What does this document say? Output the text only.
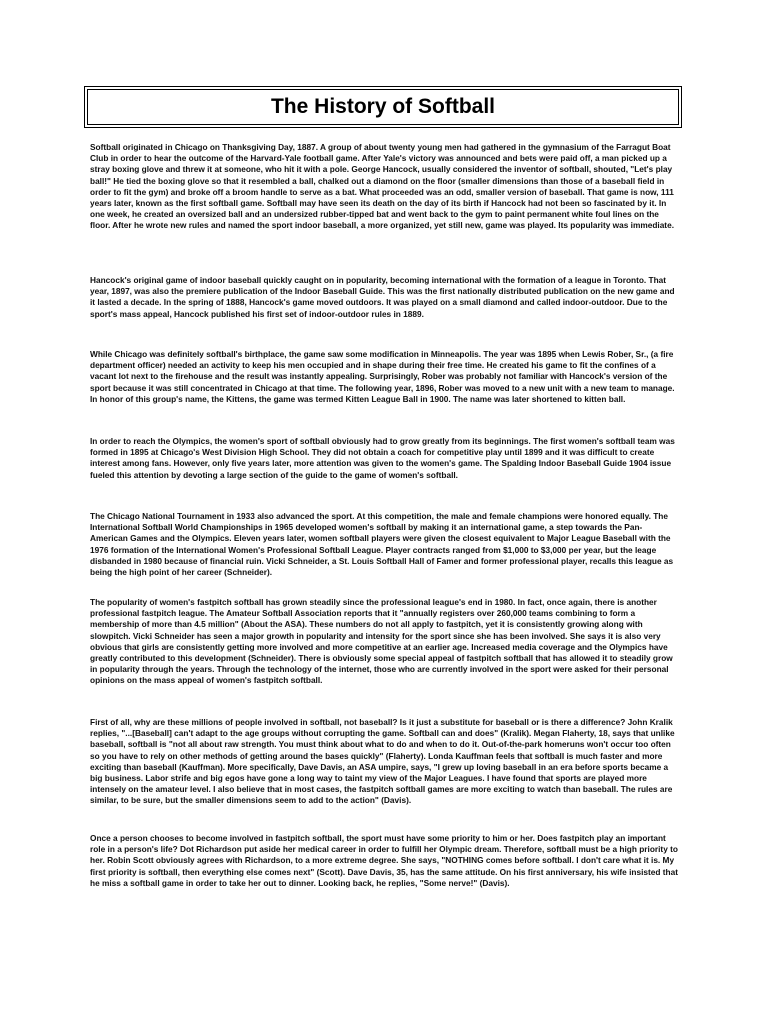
The History of Softball

Softball originated in Chicago on Thanksgiving Day, 1887. A group of about twenty young men had gathered in the gymnasium of the Farragut Boat Club in order to hear the outcome of the Harvard-Yale football game. After Yale's victory was announced and bets were paid off, a man picked up a stray boxing glove and threw it at someone, who hit it with a pole. George Hancock, usually considered the inventor of softball, shouted, "Let's play ball!" He tied the boxing glove so that it resembled a ball, chalked out a diamond on the floor (smaller dimensions than those of a baseball field in order to fit the gym) and broke off a broom handle to serve as a bat. What proceeded was an odd, smaller version of baseball. That game is now, 111 years later, known as the first softball game. Softball may have seen its death on the day of its birth if Hancock had not been so fascinated by it. In one week, he created an oversized ball and an undersized rubber-tipped bat and went back to the gym to paint permanent white foul lines on the floor. After he wrote new rules and named the sport indoor baseball, a more organized, yet still new, game was played. Its popularity was immediate.

Hancock's original game of indoor baseball quickly caught on in popularity, becoming international with the formation of a league in Toronto. That year, 1897, was also the premiere publication of the Indoor Baseball Guide. This was the first nationally distributed publication on the new game and it lasted a decade. In the spring of 1888, Hancock's game moved outdoors. It was played on a small diamond and called indoor-outdoor. Due to the sport's mass appeal, Hancock published his first set of indoor-outdoor rules in 1889.

While Chicago was definitely softball's birthplace, the game saw some modification in Minneapolis. The year was 1895 when Lewis Rober, Sr., (a fire department officer) needed an activity to keep his men occupied and in shape during their free time. He created his game to fit the confines of a vacant lot next to the firehouse and the result was instantly appealing. Surprisingly, Rober was probably not familiar with Hancock's version of the sport because it was still concentrated in Chicago at that time. The following year, 1896, Rober was moved to a new unit with a new team to manage. In honor of this group's name, the Kittens, the game was termed Kitten League Ball in 1900. The name was later shortened to kitten ball.

In order to reach the Olympics, the women's sport of softball obviously had to grow greatly from its beginnings. The first women's softball team was formed in 1895 at Chicago's West Division High School. They did not obtain a coach for competitive play until 1899 and it was difficult to create interest among fans. However, only five years later, more attention was given to the women's game. The Spalding Indoor Baseball Guide 1904 issue fueled this attention by devoting a large section of the guide to the game of women's softball.

The Chicago National Tournament in 1933 also advanced the sport. At this competition, the male and female champions were honored equally. The International Softball World Championships in 1965 developed women's softball by making it an international game, a step towards the Pan-American Games and the Olympics. Eleven years later, women softball players were given the closest equivalent to Major League Baseball with the 1976 formation of the International Women's Professional Softball League. Player contracts ranged from $1,000 to $3,000 per year, but the leage disbanded in 1980 because of financial ruin. Vicki Schneider, a St. Louis Softball Hall of Famer and former professional player, recalls this league as being the high point of her career (Schneider).

The popularity of women's fastpitch softball has grown steadily since the professional league's end in 1980. In fact, once again, there is another professional fastpitch league. The Amateur Softball Association reports that it "annually registers over 260,000 teams combining to form a membership of more than 4.5 million" (About the ASA). These numbers do not all apply to fastpitch, yet it is consistently growing along with slowpitch. Vicki Schneider has seen a major growth in popularity and intensity for the sport since she has been involved. She says it is also very obvious that girls are consistently getting more involved and more competitive at an earlier age. Increased media coverage and the Olympics have greatly contributed to this development (Schneider). There is obviously some special appeal of fastpitch softball that has allowed it to steadily grow in popularity through the years. Through the technology of the internet, those who are currently involved in the sport were asked for their personal opinions on the mass appeal of women's fastpitch softball.

First of all, why are these millions of people involved in softball, not baseball? Is it just a substitute for baseball or is there a difference? John Kralik replies, "...[Baseball] can't adapt to the age groups without corrupting the game. Softball can and does" (Kralik). Megan Flaherty, 18, says that unlike baseball, softball is "not all about raw strength. You must think about what to do and when to do it. Out-of-the-park homeruns won't occur too often so you have to rely on other methods of getting around the bases quickly" (Flaherty). Londa Kauffman feels that softball is much faster and more exciting than baseball (Kauffman). More specifically, Dave Davis, an ASA umpire, says, "I grew up loving baseball in an era before sports became a big business. Labor strife and big egos have gone a long way to taint my view of the Major Leagues. I have found that sports are played more intensely on the amateur level. I also believe that in most cases, the fastpitch softball games are more exciting to watch than baseball. The rules are similar, to be sure, but the smaller dimensions seem to add to the action" (Davis).

Once a person chooses to become involved in fastpitch softball, the sport must have some priority to him or her. Does fastpitch play an important role in a person's life? Dot Richardson put aside her medical career in order to fulfill her Olympic dream. Therefore, softball must be a high priority to her. Robin Scott obviously agrees with Richardson, to a more extreme degree. She says, "NOTHING comes before softball. I don't care what it is. My first priority is softball, then everything else comes next" (Scott). Dave Davis, 35, has the same attitude. On his first anniversary, his wife insisted that he miss a softball game in order to take her out to dinner. Looking back, he replies, "Some nerve!" (Davis).
